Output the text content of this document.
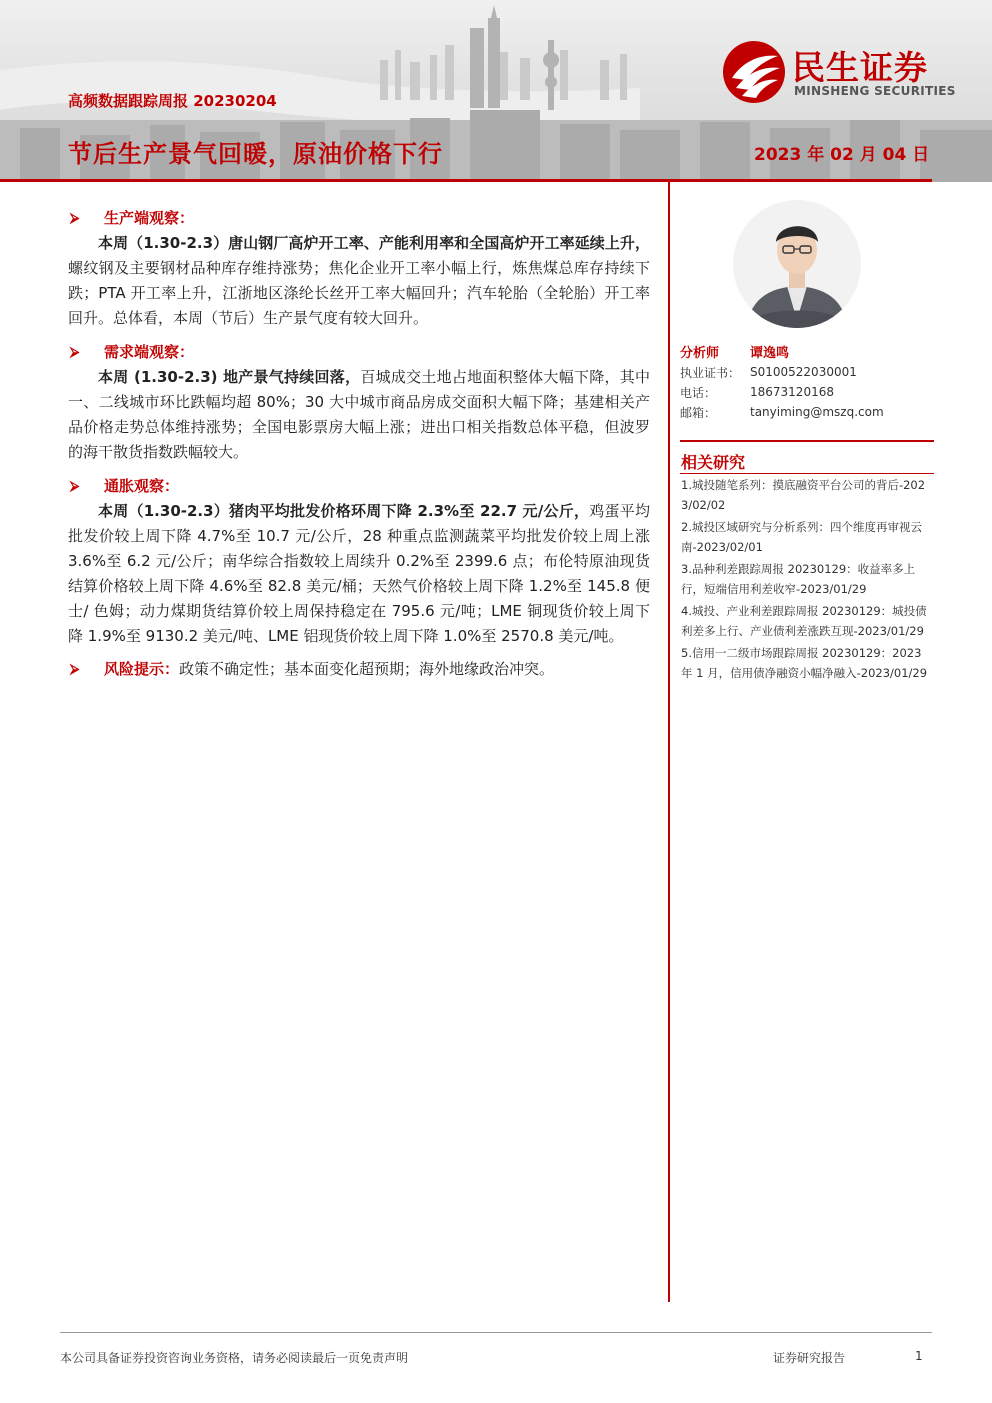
高频数据跟踪周报 20230204
节后生产景气回暖，原油价格下行	2023 年 02 月 04 日
民生证券
MINSHENG SECURITIES
⮚	生产端观察：

本周（1.30-2.3）唐山钢厂高炉开工率、产能利用率和全国高炉开工率延续上升，螺纹钢及主要钢材品种库存维持涨势；焦化企业开工率小幅上行，炼焦煤总库存持续下跌；PTA 开工率上升，江浙地区涤纶长丝开工率大幅回升；汽车轮胎（全轮胎）开工率回升。总体看，本周（节后）生产景气度有较大回升。

⮚	需求端观察：

本周 (1.30-2.3) 地产景气持续回落，百城成交土地占地面积整体大幅下降，其中一、二线城市环比跌幅均超 80%；30 大中城市商品房成交面积大幅下降；基建相关产品价格走势总体维持涨势；全国电影票房大幅上涨；进出口相关指数总体平稳，但波罗的海干散货指数跌幅较大。

⮚	通胀观察：

本周（1.30-2.3）猪肉平均批发价格环周下降 2.3%至 22.7 元/公斤，鸡蛋平均批发价较上周下降 4.7%至 10.7 元/公斤，28 种重点监测蔬菜平均批发价较上周上涨 3.6%至 6.2 元/公斤；南华综合指数较上周续升 0.2%至 2399.6 点；布伦特原油现货结算价格较上周下降 4.6%至 82.8 美元/桶；天然气价格较上周下降 1.2%至 145.8 便士/ 色姆；动力煤期货结算价较上周保持稳定在 795.6 元/吨；LME 铜现货价较上周下降 1.9%至 9130.2 美元/吨、LME 铝现货价较上周下降 1.0%至 2570.8 美元/吨。

⮚	风险提示： 政策不确定性；基本面变化超预期；海外地缘政治冲突。
分析师	谭逸鸣
执业证书： S0100522030001
电话：	18673120168
邮箱：	tanyiming@mszq.com
相关研究
1.城投随笔系列：摸底融资平台公司的背后-2023/02/02
2.城投区域研究与分析系列：四个维度再审视云南-2023/02/01
3.品种利差跟踪周报 20230129：收益率多上行，短端信用利差收窄-2023/01/29
4.城投、产业利差跟踪周报 20230129：城投债利差多上行、产业债利差涨跌互现-2023/01/29
5.信用一二级市场跟踪周报 20230129：2023 年 1 月，信用债净融资小幅净融入-2023/01/29
本公司具备证券投资咨询业务资格，请务必阅读最后一页免责声明	证券研究报告	1
